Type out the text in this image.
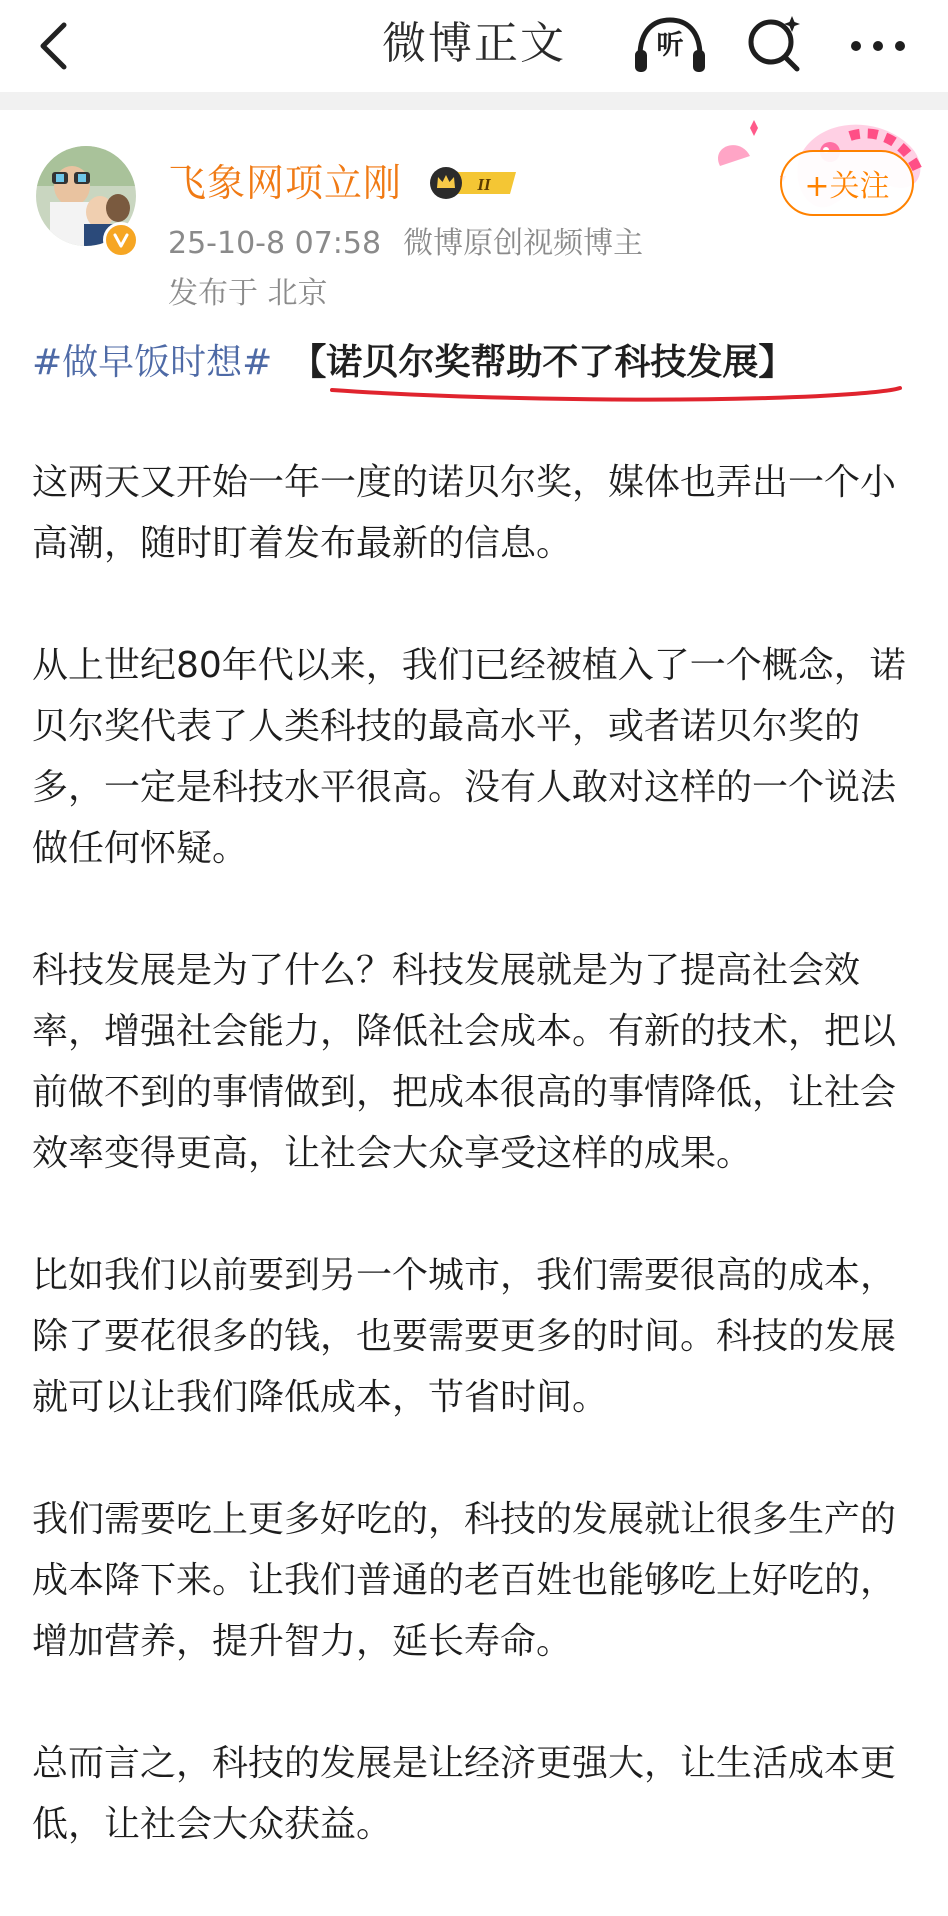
微博正文	听
飞象网项立刚	II
25-10-8 07:58 微博原创视频博主
发布于 北京
+关注
#做早饭时想# 【诺贝尔奖帮助不了科技发展】

这两天又开始一年一度的诺贝尔奖，媒体也弄出一个小高潮，随时盯着发布最新的信息。

从上世纪80年代以来，我们已经被植入了一个概念，诺贝尔奖代表了人类科技的最高水平，或者诺贝尔奖的多，一定是科技水平很高。没有人敢对这样的一个说法做任何怀疑。

科技发展是为了什么？科技发展就是为了提高社会效率，增强社会能力，降低社会成本。有新的技术，把以前做不到的事情做到，把成本很高的事情降低，让社会效率变得更高，让社会大众享受这样的成果。

比如我们以前要到另一个城市，我们需要很高的成本，除了要花很多的钱，也要需要更多的时间。科技的发展就可以让我们降低成本，节省时间。

我们需要吃上更多好吃的，科技的发展就让很多生产的成本降下来。让我们普通的老百姓也能够吃上好吃的，增加营养，提升智力，延长寿命。

总而言之，科技的发展是让经济更强大，让生活成本更低，让社会大众获益。
